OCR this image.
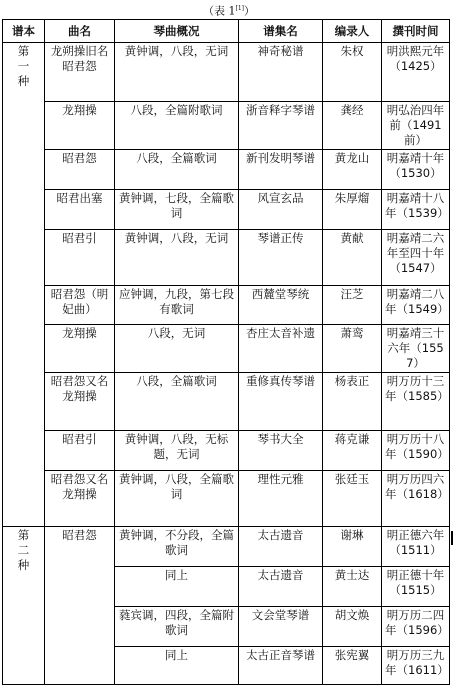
（表 1[1]）
谱本	曲名	琴曲概况	谱集名	编录人	撰刊时间

第
一
种	龙朔操旧名昭君怨	黄钟调，八段，无词	神奇秘谱	朱权	明洪熙元年（1425）
	龙翔操	八段，全篇附歌词	浙音释字琴谱	龚经	明弘治四年前（1491 前）
	昭君怨	八段，全篇歌词	新刊发明琴谱	黄龙山	明嘉靖十年（1530）
	昭君出塞	黄钟调，七段，全篇歌词	风宣玄品	朱厚熘	明嘉靖十八年（1539）
	昭君引	黄钟调，八段，无词	琴谱正传	黄献	明嘉靖二六年至四十年（1547）
	昭君怨（明妃曲）	应钟调，九段，第七段有歌词	西麓堂琴统	汪芝	明嘉靖二八年（1549）
	龙翔操	八段，无词	杏庄太音补遗	萧鸾	明嘉靖三十六年（1557）
	昭君怨又名龙翔操	八段，全篇歌词	重修真传琴谱	杨表正	明万历十三年（1585）
	昭君引	黄钟调，八段，无标题，无词	琴书大全	蒋克谦	明万历十八年（1590）
	昭君怨又名龙翔操	黄钟调，八段，全篇歌词	理性元雅	张廷玉	明万历四六年（1618）

第
二
种	昭君怨	黄钟调，不分段，全篇歌词	太古遗音	谢琳	明正德六年（1511）
		同上	太古遗音	黄士达	明正德十年（1515）
		蕤宾调，四段，全篇附歌词	文会堂琴谱	胡文焕	明万历二四年（1596）
		同上	太古正音琴谱	张宪翼	明万历三九年（1611）
